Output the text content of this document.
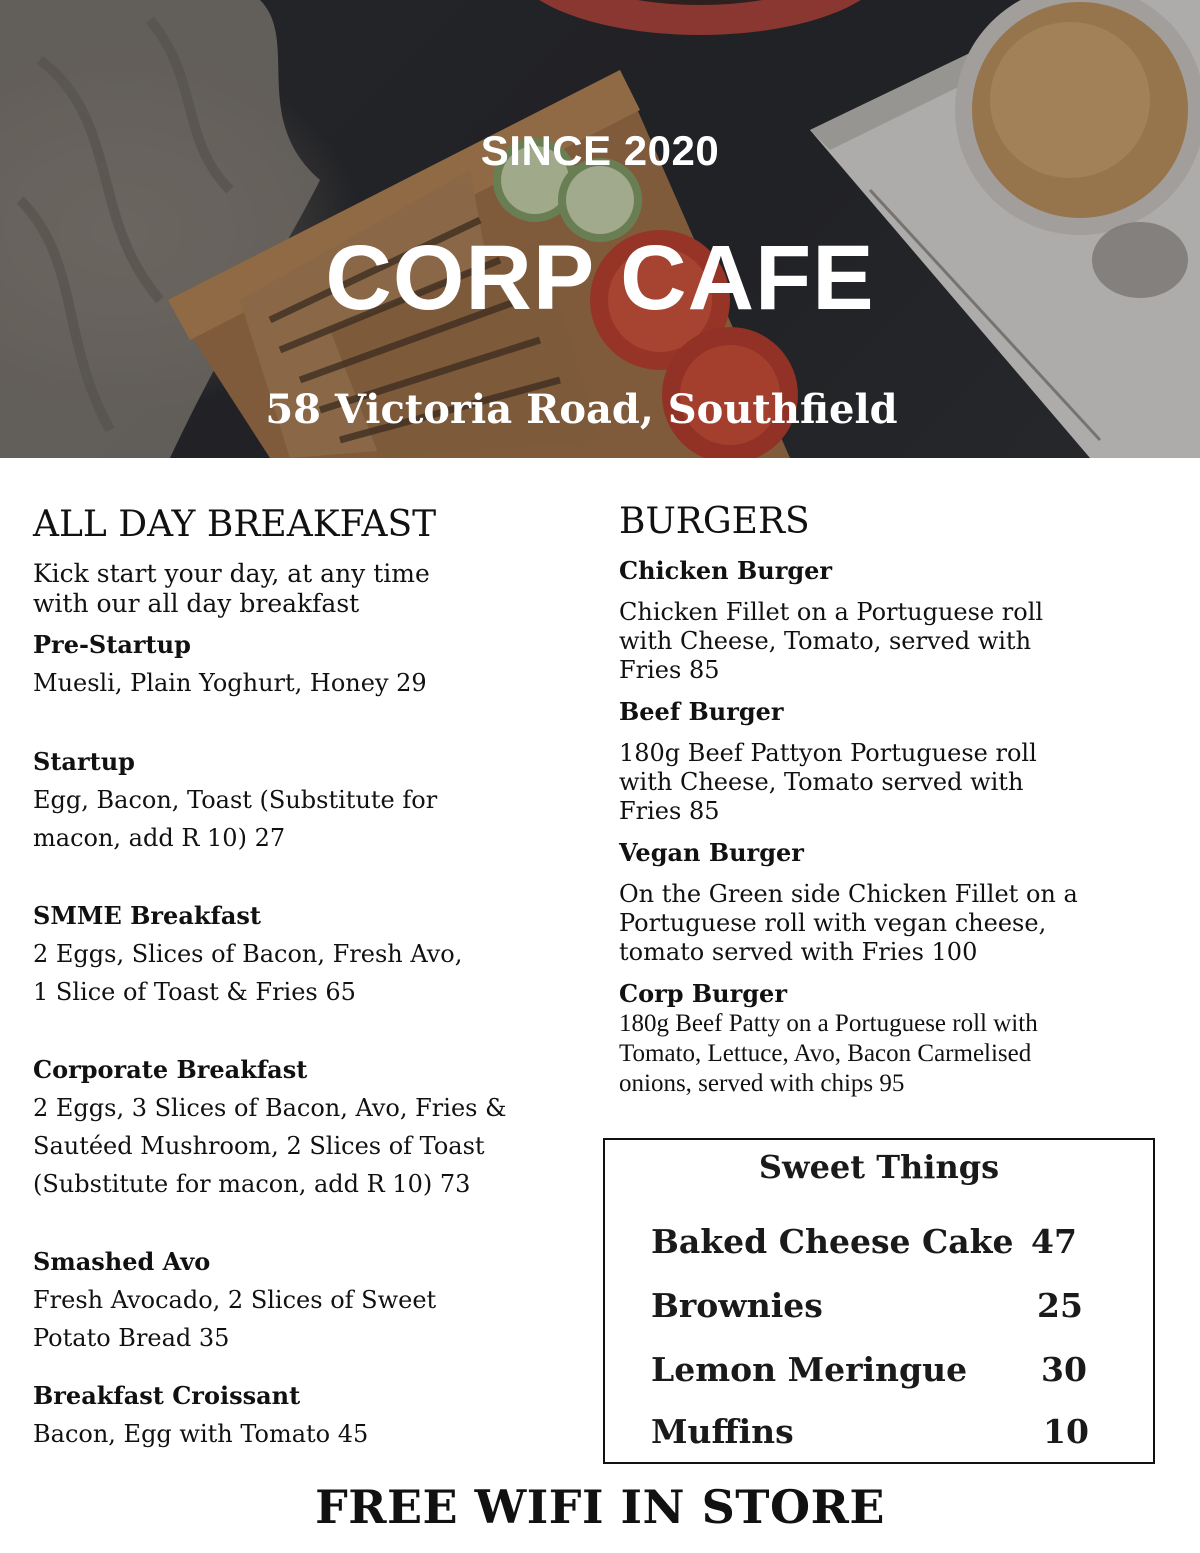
SINCE 2020
CORP CAFE
58 Victoria Road, Southfield
ALL DAY BREAKFAST
Kick start your day, at any time
with our all day breakfast
Pre-Startup
Muesli, Plain Yoghurt, Honey 29
Startup
Egg, Bacon, Toast (Substitute for
macon, add R 10) 27
SMME Breakfast
2 Eggs, Slices of Bacon, Fresh Avo,
1 Slice of Toast & Fries 65
Corporate Breakfast
2 Eggs, 3 Slices of Bacon, Avo, Fries &
Sautéed Mushroom, 2 Slices of Toast
(Substitute for macon, add R 10) 73
Smashed Avo
Fresh Avocado, 2 Slices of Sweet
Potato Bread 35
Breakfast Croissant
Bacon, Egg with Tomato 45
BURGERS
Chicken Burger
Chicken Fillet on a Portuguese roll
with Cheese, Tomato, served with
Fries 85
Beef Burger
180g Beef Pattyon Portuguese roll
with Cheese, Tomato served with
Fries 85
Vegan Burger
On the Green side Chicken Fillet on a
Portuguese roll with vegan cheese,
tomato served with Fries 100
Corp Burger
180g Beef Patty on a Portuguese roll with
Tomato, Lettuce, Avo, Bacon Carmelised
onions, served with chips 95
Sweet Things
Baked Cheese Cake 47
Brownies	25
Lemon Meringue 30
Muffins	10
FREE WIFI IN STORE
